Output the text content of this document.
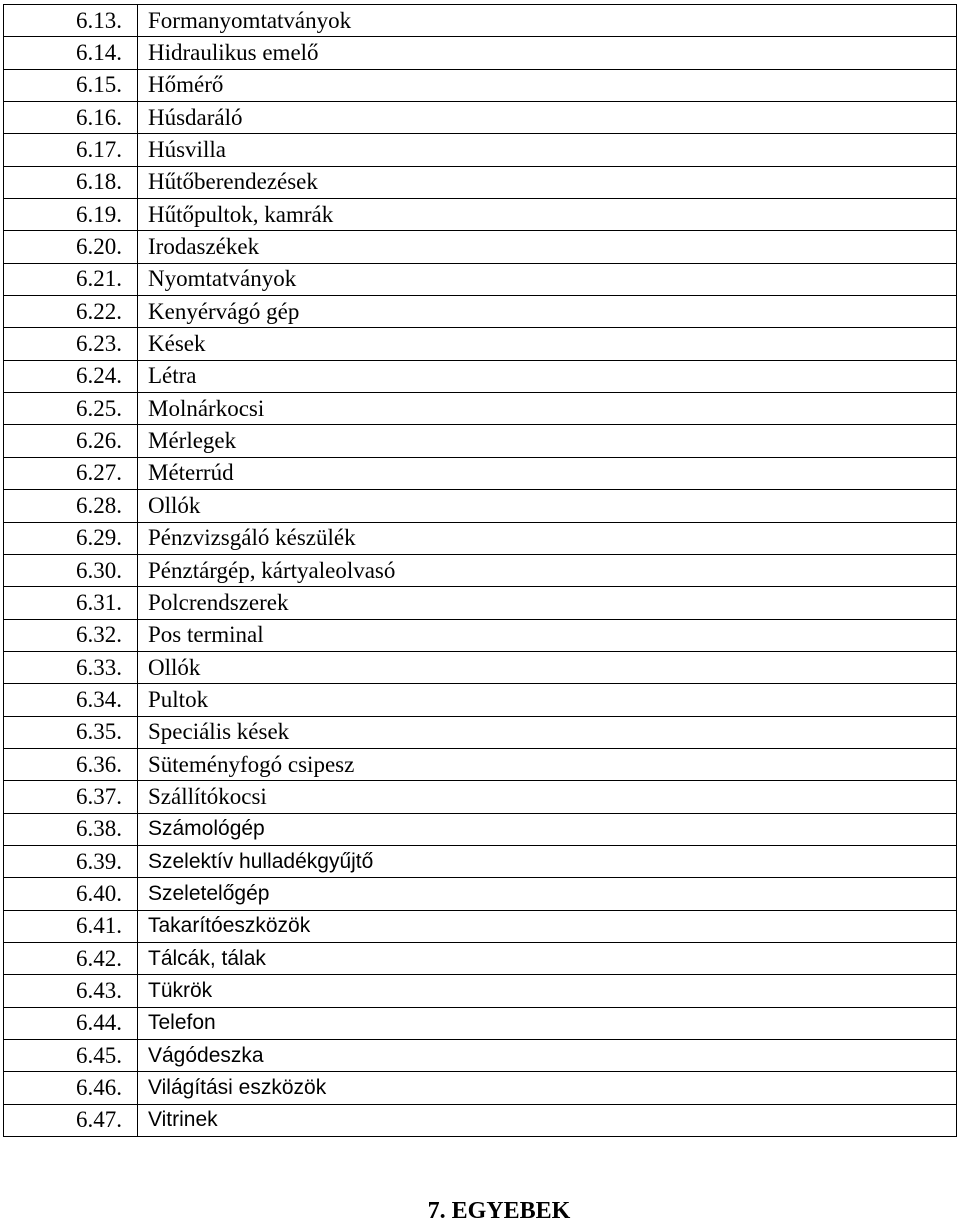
6.13.	Formanyomtatványok
6.14.	Hidraulikus emelő
6.15.	Hőmérő
6.16.	Húsdaráló
6.17.	Húsvilla
6.18.	Hűtőberendezések
6.19.	Hűtőpultok, kamrák
6.20.	Irodaszékek
6.21.	Nyomtatványok
6.22.	Kenyérvágó gép
6.23.	Kések
6.24.	Létra
6.25.	Molnárkocsi
6.26.	Mérlegek
6.27.	Méterrúd
6.28.	Ollók
6.29.	Pénzvizsgáló készülék
6.30.	Pénztárgép, kártyaleolvasó
6.31.	Polcrendszerek
6.32.	Pos terminal
6.33.	Ollók
6.34.	Pultok
6.35.	Speciális kések
6.36.	Süteményfogó csipesz
6.37.	Szállítókocsi
6.38.	Számológép
6.39.	Szelektív hulladékgyűjtő
6.40.	Szeletelőgép
6.41.	Takarítóeszközök
6.42.	Tálcák, tálak
6.43.	Tükrök
6.44.	Telefon
6.45.	Vágódeszka
6.46.	Világítási eszközök
6.47.	Vitrinek
7. EGYEBEK
